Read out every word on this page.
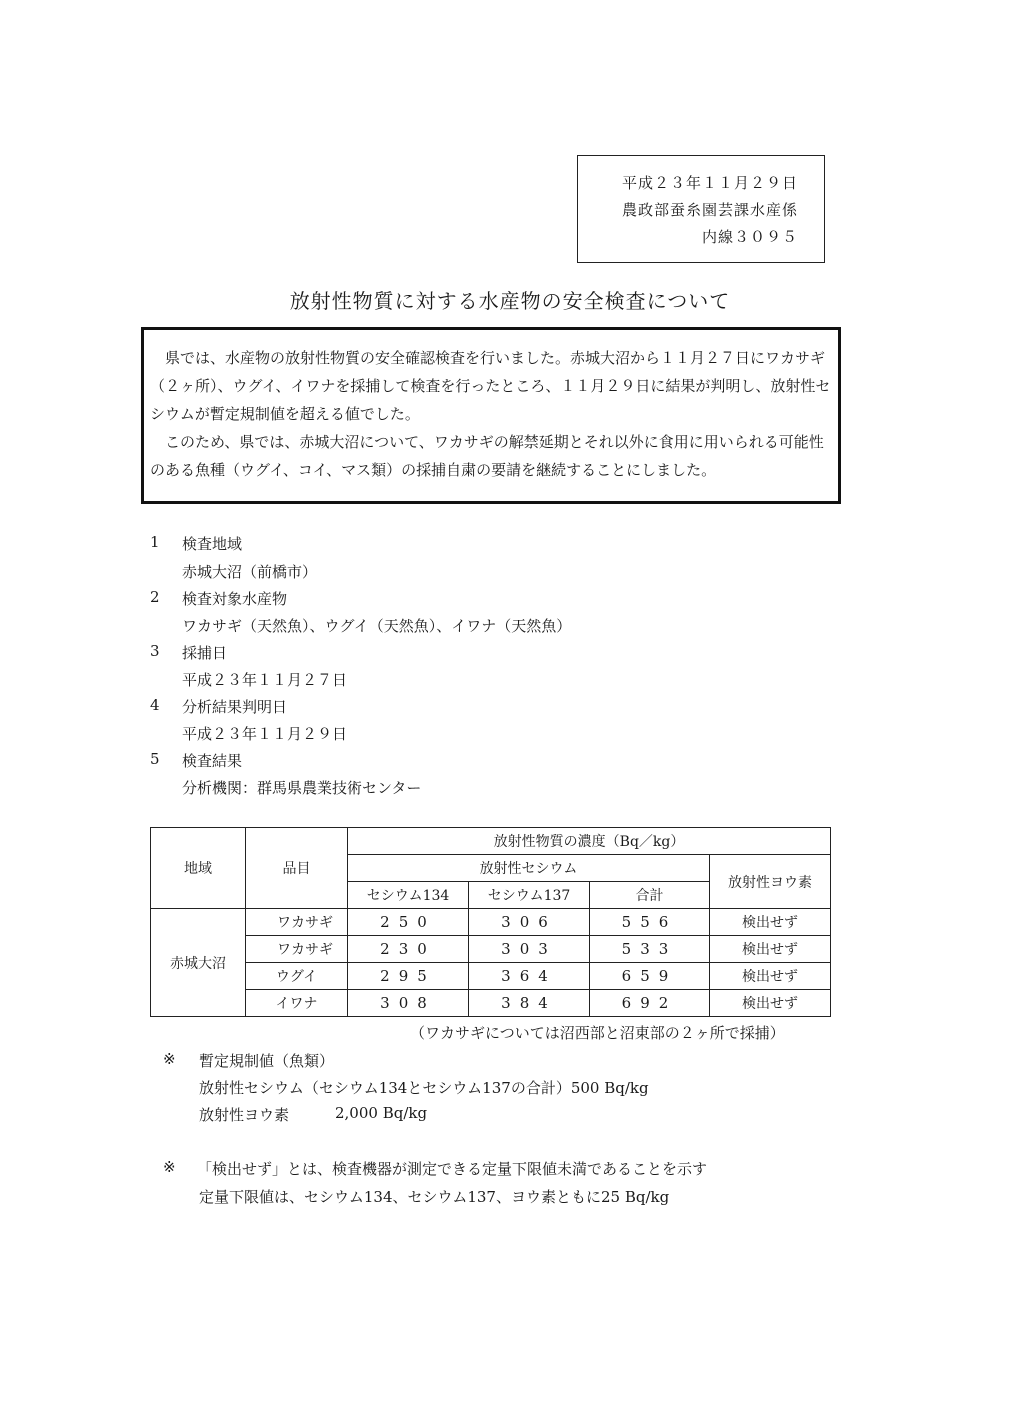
平成２３年１１月２９日
農政部蚕糸園芸課水産係
内線３０９５
放射性物質に対する水産物の安全検査について

県では、水産物の放射性物質の安全確認検査を行いました。赤城大沼から１１月２７日にワカサギ（２ヶ所）、ウグイ、イワナを採捕して検査を行ったところ、１１月２９日に結果が判明し、放射性セシウムが暫定規制値を超える値でした。

このため、県では、赤城大沼について、ワカサギの解禁延期とそれ以外に食用に用いられる可能性のある魚種（ウグイ、コイ、マス類）の採捕自粛の要請を継続することにしました。

1 検査地域
赤城大沼（前橋市）
2 検査対象水産物
ワカサギ（天然魚）、ウグイ（天然魚）、イワナ（天然魚）
3 採捕日
平成２３年１１月２７日
4 分析結果判明日
平成２３年１１月２９日
5 検査結果
分析機関：群馬県農業技術センター
地域	品目	放射性物質の濃度（Bq／kg）			
		放射性セシウム			放射性ヨウ素
		セシウム134	セシウム137	合計	
赤城大沼	ワカサギ	250	306	556	検出せず
	ワカサギ	230	303	533	検出せず
	ウグイ	295	364	659	検出せず
	イワナ	308	384	692	検出せず
（ワカサギについては沼西部と沼東部の２ヶ所で採捕）
※ 暫定規制値（魚類）
放射性セシウム（セシウム134とセシウム137の合計）500 Bq/kg
放射性ヨウ素	2,000 Bq/kg
※ 「検出せず」とは、検査機器が測定できる定量下限値未満であることを示す
定量下限値は、セシウム134、セシウム137、ヨウ素ともに25 Bq/kg
